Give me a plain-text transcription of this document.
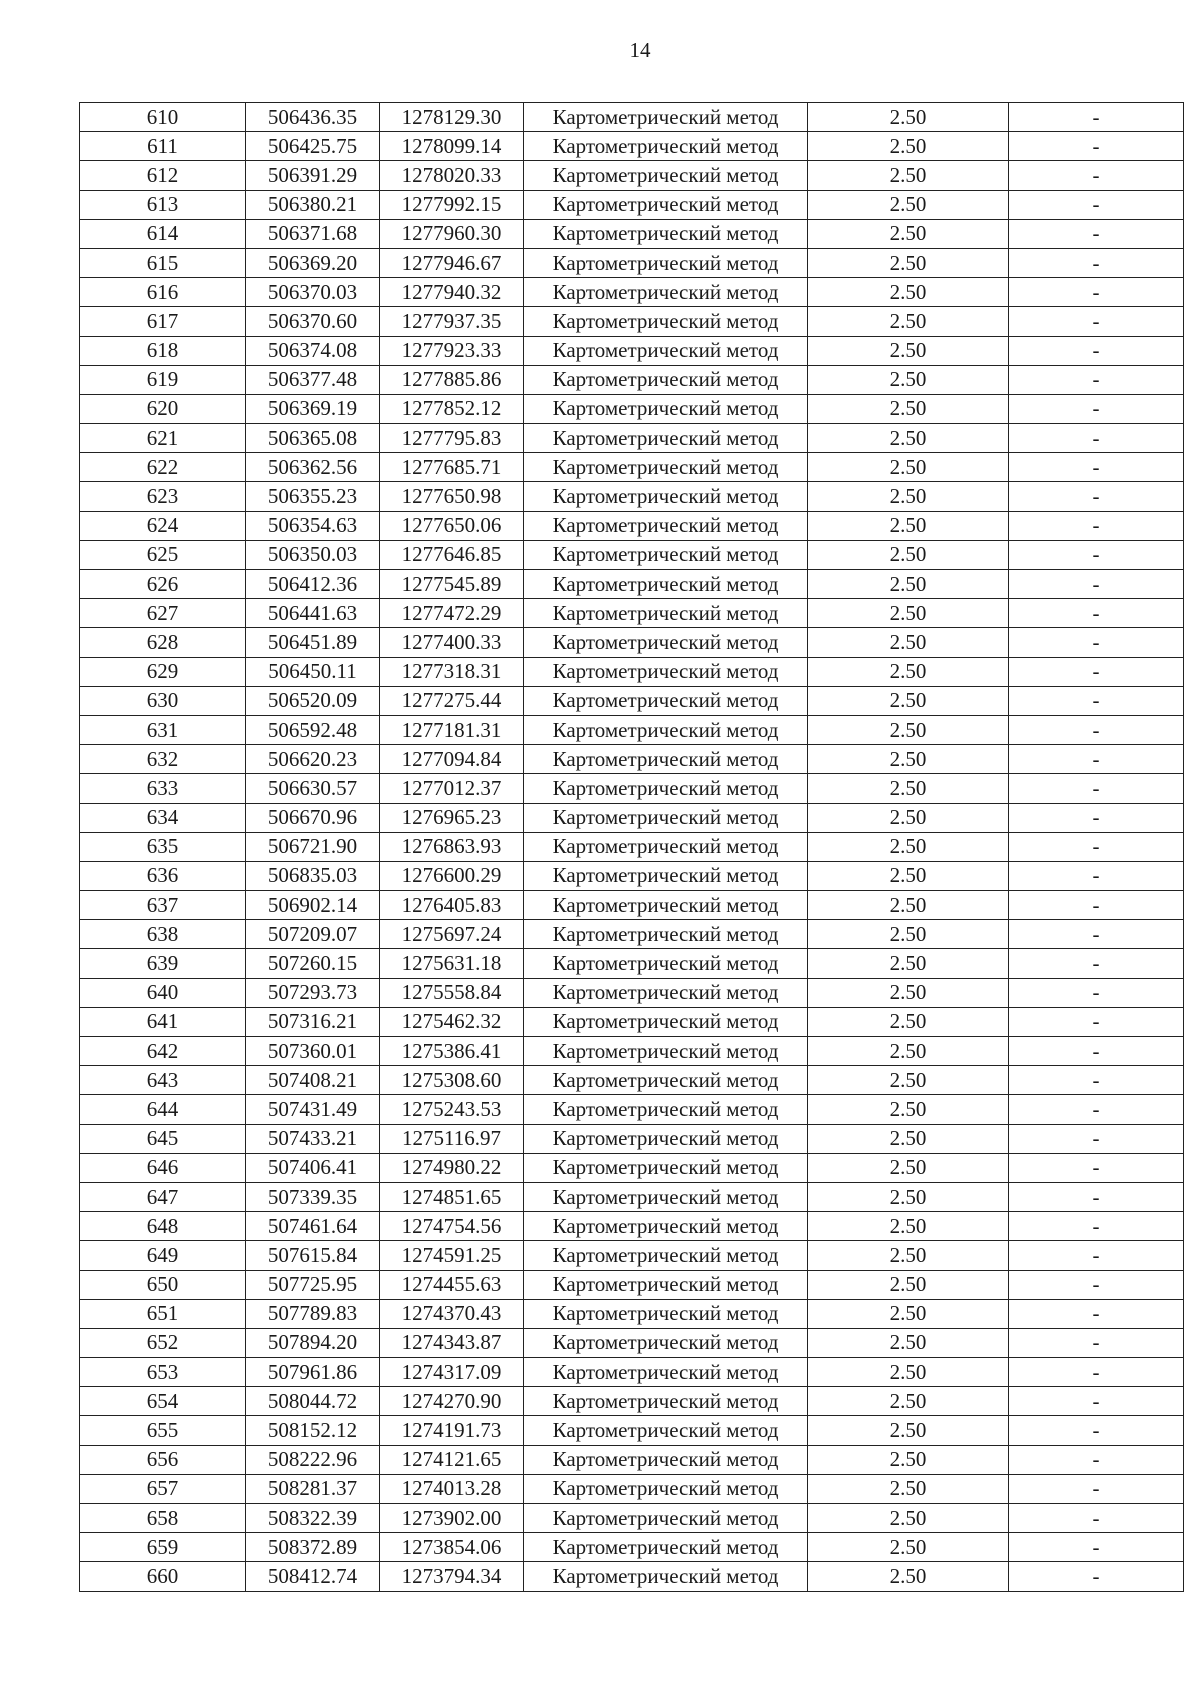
14
610	506436.35	1278129.30	Картометрический метод	2.50	-
611	506425.75	1278099.14	Картометрический метод	2.50	-
612	506391.29	1278020.33	Картометрический метод	2.50	-
613	506380.21	1277992.15	Картометрический метод	2.50	-
614	506371.68	1277960.30	Картометрический метод	2.50	-
615	506369.20	1277946.67	Картометрический метод	2.50	-
616	506370.03	1277940.32	Картометрический метод	2.50	-
617	506370.60	1277937.35	Картометрический метод	2.50	-
618	506374.08	1277923.33	Картометрический метод	2.50	-
619	506377.48	1277885.86	Картометрический метод	2.50	-
620	506369.19	1277852.12	Картометрический метод	2.50	-
621	506365.08	1277795.83	Картометрический метод	2.50	-
622	506362.56	1277685.71	Картометрический метод	2.50	-
623	506355.23	1277650.98	Картометрический метод	2.50	-
624	506354.63	1277650.06	Картометрический метод	2.50	-
625	506350.03	1277646.85	Картометрический метод	2.50	-
626	506412.36	1277545.89	Картометрический метод	2.50	-
627	506441.63	1277472.29	Картометрический метод	2.50	-
628	506451.89	1277400.33	Картометрический метод	2.50	-
629	506450.11	1277318.31	Картометрический метод	2.50	-
630	506520.09	1277275.44	Картометрический метод	2.50	-
631	506592.48	1277181.31	Картометрический метод	2.50	-
632	506620.23	1277094.84	Картометрический метод	2.50	-
633	506630.57	1277012.37	Картометрический метод	2.50	-
634	506670.96	1276965.23	Картометрический метод	2.50	-
635	506721.90	1276863.93	Картометрический метод	2.50	-
636	506835.03	1276600.29	Картометрический метод	2.50	-
637	506902.14	1276405.83	Картометрический метод	2.50	-
638	507209.07	1275697.24	Картометрический метод	2.50	-
639	507260.15	1275631.18	Картометрический метод	2.50	-
640	507293.73	1275558.84	Картометрический метод	2.50	-
641	507316.21	1275462.32	Картометрический метод	2.50	-
642	507360.01	1275386.41	Картометрический метод	2.50	-
643	507408.21	1275308.60	Картометрический метод	2.50	-
644	507431.49	1275243.53	Картометрический метод	2.50	-
645	507433.21	1275116.97	Картометрический метод	2.50	-
646	507406.41	1274980.22	Картометрический метод	2.50	-
647	507339.35	1274851.65	Картометрический метод	2.50	-
648	507461.64	1274754.56	Картометрический метод	2.50	-
649	507615.84	1274591.25	Картометрический метод	2.50	-
650	507725.95	1274455.63	Картометрический метод	2.50	-
651	507789.83	1274370.43	Картометрический метод	2.50	-
652	507894.20	1274343.87	Картометрический метод	2.50	-
653	507961.86	1274317.09	Картометрический метод	2.50	-
654	508044.72	1274270.90	Картометрический метод	2.50	-
655	508152.12	1274191.73	Картометрический метод	2.50	-
656	508222.96	1274121.65	Картометрический метод	2.50	-
657	508281.37	1274013.28	Картометрический метод	2.50	-
658	508322.39	1273902.00	Картометрический метод	2.50	-
659	508372.89	1273854.06	Картометрический метод	2.50	-
660	508412.74	1273794.34	Картометрический метод	2.50	-
